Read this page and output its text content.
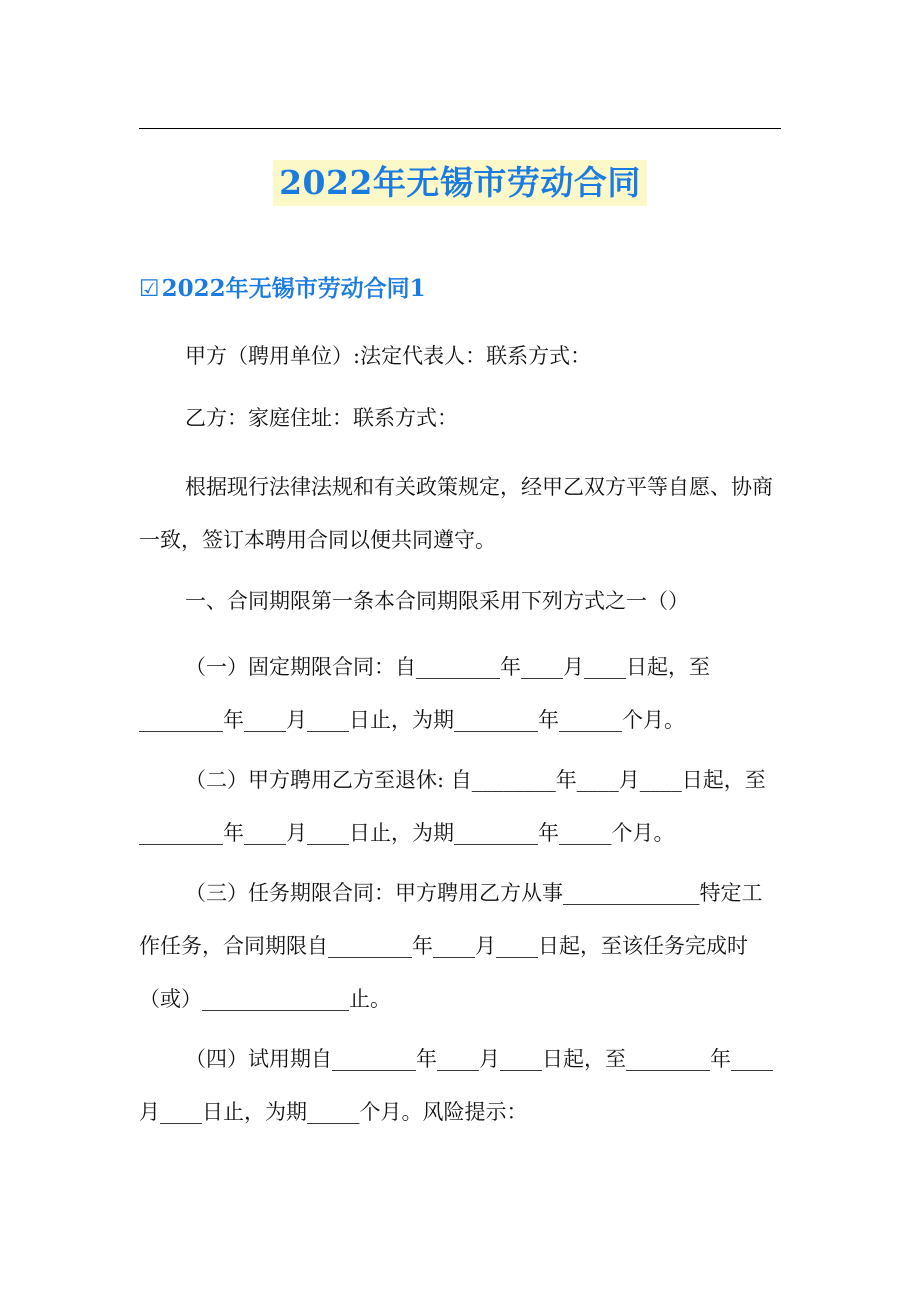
2022年无锡市劳动合同
☑2022年无锡市劳动合同1

甲方（聘用单位）:法定代表人：联系方式：

乙方：家庭住址：联系方式：

根据现行法律法规和有关政策规定，经甲乙双方平等自愿、协商一致，签订本聘用合同以便共同遵守。

一、合同期限第一条本合同期限采用下列方式之一（）

（一）固定期限合同：自________年____月____日起，至________年____月____日止，为期________年______个月。

（二）甲方聘用乙方至退休: 自________年____月____日起，至________年____月____日止，为期________年_____个月。

（三）任务期限合同：甲方聘用乙方从事_____________特定工作任务，合同期限自________年____月____日起，至该任务完成时（或）______________止。

（四）试用期自________年____月____日起，至________年____月____日止，为期_____个月。风险提示：
